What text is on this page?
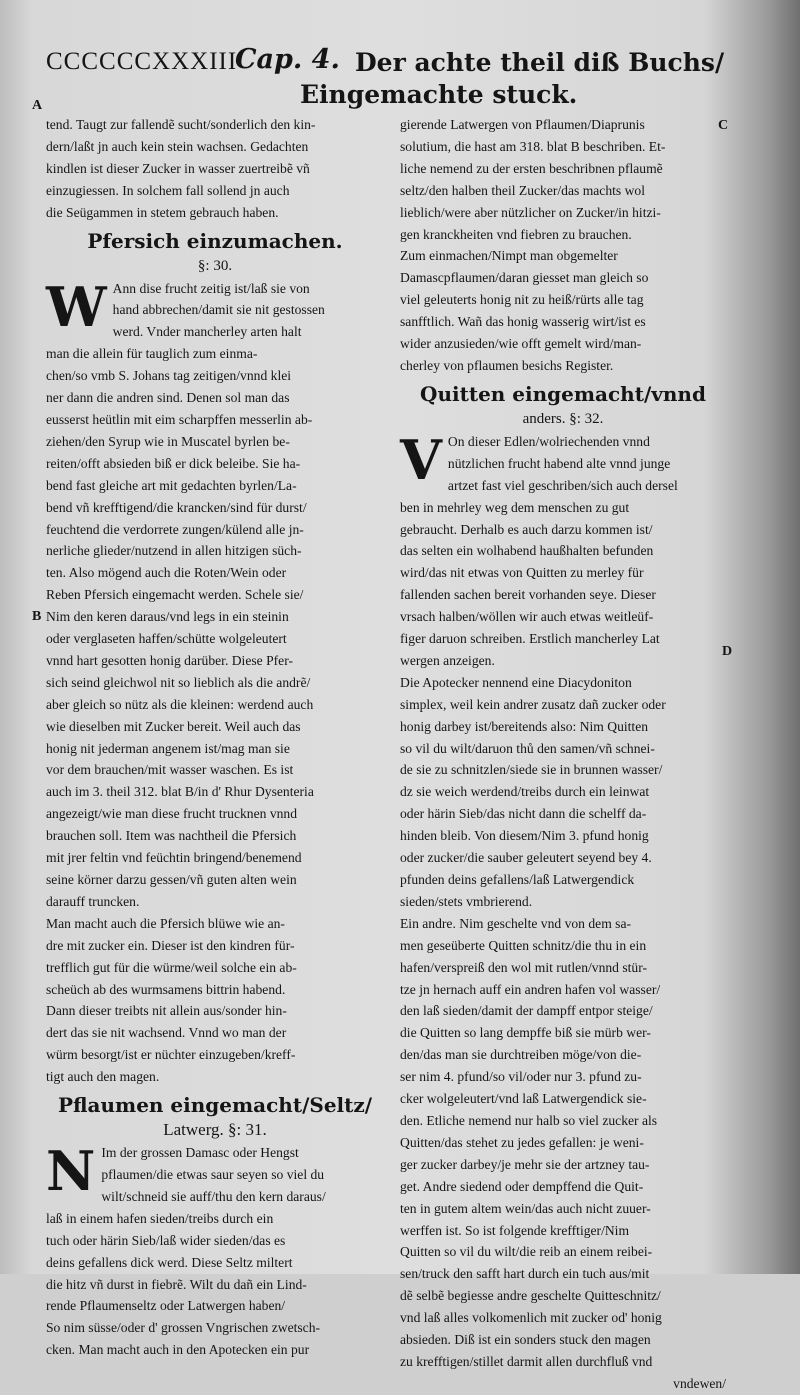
CCCCCCXXXIII
Cap. 4. Der achte theil diß Buchs/
Eingemachte stuck.
A
B
C
D

tend. Taugt zur fallendẽ sucht/sonderlich den kin-

dern/laßt jn auch kein stein wachsen. Gedachten

kindlen ist dieser Zucker in wasser zuertreibẽ vñ

einzugiessen. In solchem fall sollend jn auch

die Seügammen in stetem gebrauch haben.

Pfersich einzumachen.
§: 30.
W Ann dise frucht zeitig ist/laß sie von

hand abbrechen/damit sie nit gestossen

werd. Vnder mancherley arten halt

man die allein für tauglich zum einma-

chen/so vmb S. Johans tag zeitigen/vnnd klei

ner dann die andren sind. Denen sol man das

eusserst heütlin mit eim scharpffen messerlin ab-

ziehen/den Syrup wie in Muscatel byrlen be-

reiten/offt absieden biß er dick beleibe. Sie ha-

bend fast gleiche art mit gedachten byrlen/La-

bend vñ krefftigend/die krancken/sind für durst/

feuchtend die verdorrete zungen/külend alle jn-

nerliche glieder/nutzend in allen hitzigen süch-

ten. Also mögend auch die Roten/Wein oder

Reben Pfersich eingemacht werden. Schele sie/

Nim den keren daraus/vnd legs in ein steinin

oder verglaseten haffen/schütte wolgeleutert

vnnd hart gesotten honig darüber. Diese Pfer-

sich seind gleichwol nit so lieblich als die andrẽ/

aber gleich so nütz als die kleinen: werdend auch

wie dieselben mit Zucker bereit. Weil auch das

honig nit jederman angenem ist/mag man sie

vor dem brauchen/mit wasser waschen. Es ist

auch im 3. theil 312. blat B/in d' Rhur Dysenteria

angezeigt/wie man diese frucht trucknen vnnd

brauchen soll. Item was nachtheil die Pfersich

mit jrer feltin vnd feüchtin bringend/benemend

seine körner darzu gessen/vñ guten alten wein

darauff truncken.

Man macht auch die Pfersich blüwe wie an-

dre mit zucker ein. Dieser ist den kindren für-

trefflich gut für die würme/weil solche ein ab-

scheüch ab des wurmsamens bittrin habend.

Dann dieser treibts nit allein aus/sonder hin-

dert das sie nit wachsend. Vnnd wo man der

würm besorgt/ist er nüchter einzugeben/kreff-

tigt auch den magen.

Pflaumen eingemacht/Seltz/
Latwerg. §: 31.
N Im der grossen Damasc oder Hengst

pflaumen/die etwas saur seyen so viel du

wilt/schneid sie auff/thu den kern daraus/

laß in einem hafen sieden/treibs durch ein

tuch oder härin Sieb/laß wider sieden/das es

deins gefallens dick werd. Diese Seltz miltert

die hitz vñ durst in fiebrẽ. Wilt du dañ ein Lind-

rende Pflaumenseltz oder Latwergen haben/

So nim süsse/oder d' grossen Vngrischen zwetsch-

cken. Man macht auch in den Apotecken ein pur

gierende Latwergen von Pflaumen/Diaprunis

solutium, die hast am 318. blat B beschriben. Et-

liche nemend zu der ersten beschribnen pflaumẽ

seltz/den halben theil Zucker/das machts wol

lieblich/were aber nützlicher on Zucker/in hitzi-

gen kranckheiten vnd fiebren zu brauchen.

Zum einmachen/Nimpt man obgemelter

Damascpflaumen/daran giesset man gleich so

viel geleuterts honig nit zu heiß/rürts alle tag

sanfftlich. Wañ das honig wasserig wirt/ist es

wider anzusieden/wie offt gemelt wird/man-

cherley von pflaumen besichs Register.

Quitten eingemacht/vnnd
anders. §: 32.
V On dieser Edlen/wolriechenden vnnd

nützlichen frucht habend alte vnnd junge

artzet fast viel geschriben/sich auch dersel

ben in mehrley weg dem menschen zu gut

gebraucht. Derhalb es auch darzu kommen ist/

das selten ein wolhabend haußhalten befunden

wird/das nit etwas von Quitten zu merley für

fallenden sachen bereit vorhanden seye. Dieser

vrsach halben/wöllen wir auch etwas weitleüf-

figer daruon schreiben. Erstlich mancherley Lat

wergen anzeigen.

Die Apotecker nennend eine Diacydoniton

simplex, weil kein andrer zusatz dañ zucker oder

honig darbey ist/bereitends also: Nim Quitten

so vil du wilt/daruon thů den samen/vñ schnei-

de sie zu schnitzlen/siede sie in brunnen wasser/

dz sie weich werdend/treibs durch ein leinwat

oder härin Sieb/das nicht dann die schelff da-

hinden bleib. Von diesem/Nim 3. pfund honig

oder zucker/die sauber geleutert seyend bey 4.

pfunden deins gefallens/laß Latwergendick

sieden/stets vmbrierend.

Ein andre. Nim geschelte vnd von dem sa-

men geseüberte Quitten schnitz/die thu in ein

hafen/verspreiß den wol mit rutlen/vnnd stür-

tze jn hernach auff ein andren hafen vol wasser/

den laß sieden/damit der dampff entpor steige/

die Quitten so lang dempffe biß sie mürb wer-

den/das man sie durchtreiben möge/von die-

ser nim 4. pfund/so vil/oder nur 3. pfund zu-

cker wolgeleutert/vnd laß Latwergendick sie-

den. Etliche nemend nur halb so viel zucker als

Quitten/das stehet zu jedes gefallen: je weni-

ger zucker darbey/je mehr sie der artzney tau-

get. Andre siedend oder dempffend die Quit-

ten in gutem altem wein/das auch nicht zuuer-

werffen ist. So ist folgende krefftiger/Nim

Quitten so vil du wilt/die reib an einem reibei-

sen/truck den safft hart durch ein tuch aus/mit

dẽ selbẽ begiesse andre geschelte Quitteschnitz/

vnd laß alles volkomenlich mit zucker od' honig

absieden. Diß ist ein sonders stuck den magen

zu krefftigen/stillet darmit allen durchfluß vnd

vndewen/
